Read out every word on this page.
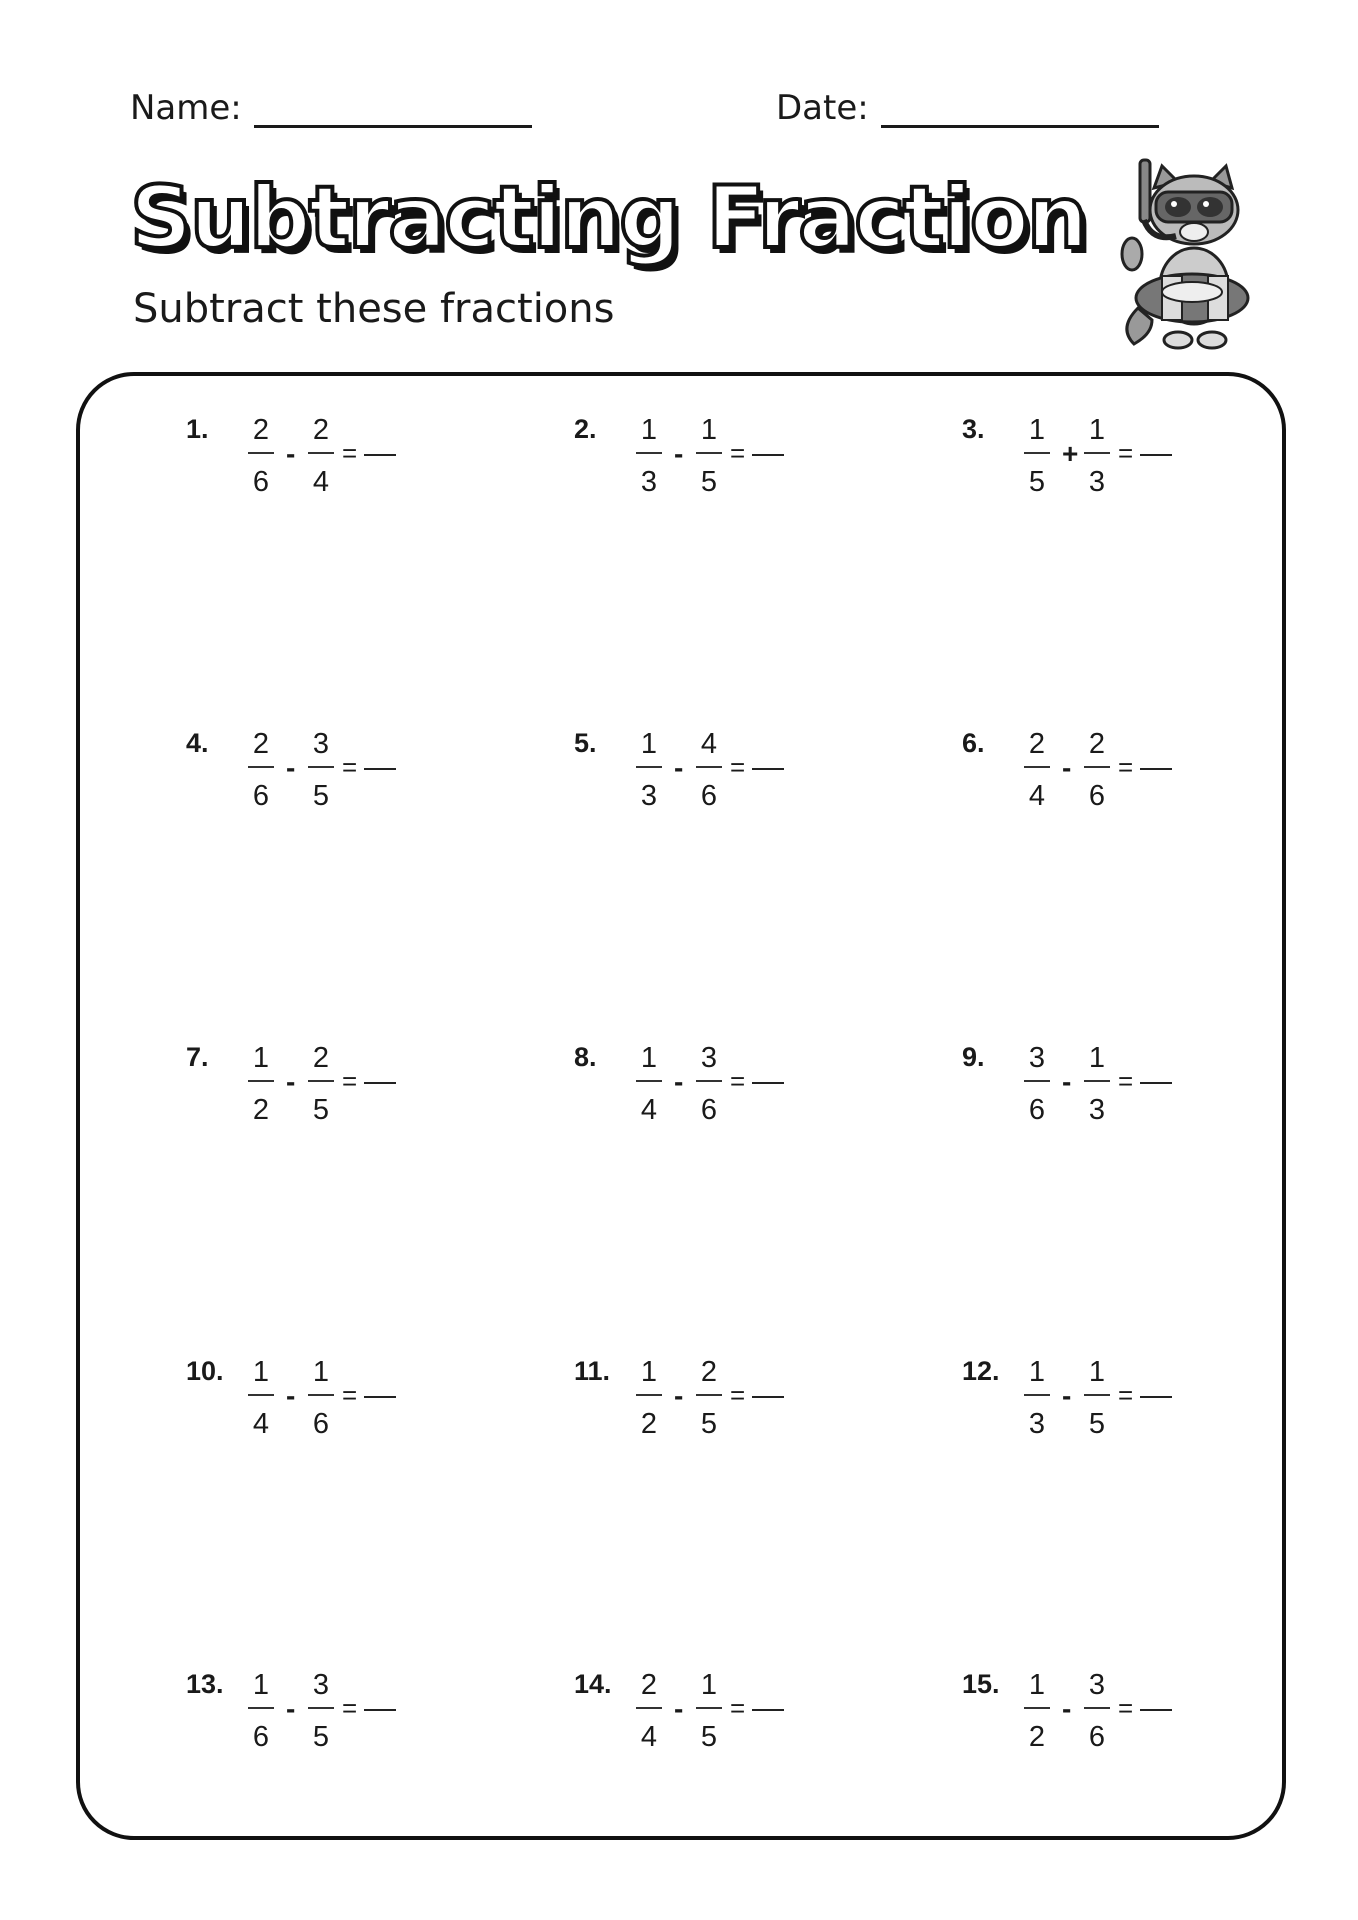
Name:	Date:
Subtracting Fraction
Subtract these fractions
1.	2
6
-
2
4
=
2.	1
3
-
1
5
=
3.	1
5
+
1
3
=
4.	2
6
-
3
5
=
5.	1
3
-
4
6
=
6.	2
4
-
2
6
=
7.	1
2
-
2
5
=
8.	1
4
-
3
6
=
9.	3
6
-
1
3
=
10.	1
4
-
1
6
=
11.	1
2
-
2
5
=
12.	1
3
-
1
5
=
13.	1
6
-
3
5
=
14.	2
4
-
1
5
=
15.	1
2
-
3
6
=
